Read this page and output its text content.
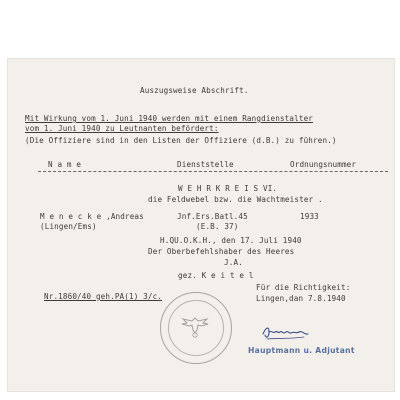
Auszugsweise Abschrift.
Mit Wirkung vom 1. Juni 1940 werden mit einem Rangdienstalter
vom 1. Juni 1940 zu Leutnanten befördert:
(Die Offiziere sind in den Listen der Offiziere (d.B.) zu führen.)
N a m e	Dienststelle	Ordnungsnummer
W E H R K R E I S VI.
die Feldwebel bzw. die Wachtmeister .
M e n e c k e ,Andreas
(Lingen/Ems)
Jnf.Ers.Batl.45
(E.B. 37)
1933
H.QU.O.K.H., den 17. Juli 1940
Der Oberbefehlshaber des Heeres
J.A.
gez. K e i t e l
Nr.1860/40 geh.PA(1) 3/c.
Für die Richtigkeit:
Lingen,dan 7.8.1940
Hauptmann u. Adjutant
